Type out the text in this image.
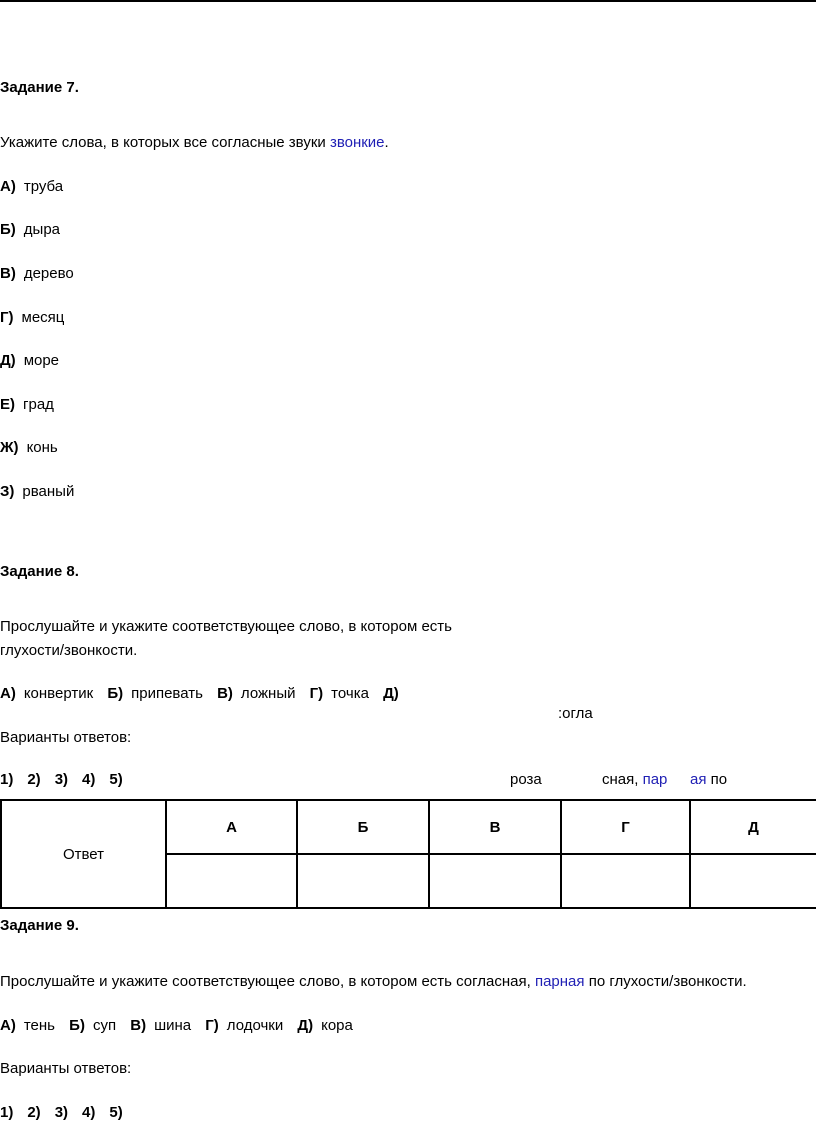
Задание 7.
Укажите слова, в которых все согласные звуки звонкие.
А) труба
Б) дыра
В) дерево
Г) месяц
Д) море
Е) град
Ж) конь
З) рваный
Задание 8.
Прослушайте и укажите соответствующее слово, в котором есть
глухости/звонкости.
А) конвертик Б) припевать В) ложный Г) точка Д)
:огла
Варианты ответов:
1) 2) 3) 4) 5)	роза	сная, пар ая по
Ответ	А	Б	В	Г	Д

Задание 9.
Прослушайте и укажите соответствующее слово, в котором есть согласная, парная по глухости/звонкости.
А) тень Б) суп В) шина Г) лодочки Д) кора
Варианты ответов:
1) 2) 3) 4) 5)
